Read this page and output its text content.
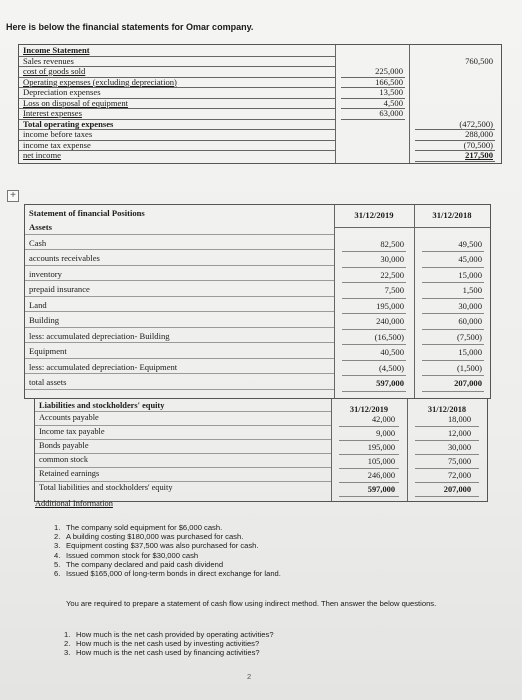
Here is below the financial statements for Omar company.
Income Statement
Sales revenues	760,500
cost of goods sold	225,000
Operating expenses (excluding depreciation)	166,500
Depreciation expenses	13,500
Loss on disposal of equipment	4,500
Interest expenses	63,000
Total operating expenses	(472,500)
income before taxes	288,000
income tax expense	(70,500)
net income	217,500
+
Statement of financial Positions	31/12/2019	31/12/2018
Assets
Cash	82,500	49,500
accounts receivables	30,000	45,000
inventory	22,500	15,000
prepaid insurance	7,500	1,500
Land	195,000	30,000
Building	240,000	60,000
less: accumulated depreciation- Building	(16,500)	(7,500)
Equipment	40,500	15,000
less: accumulated depreciation- Equipment	(4,500)	(1,500)
total assets	597,000	207,000
Liabilities and stockholders' equity	31/12/2019	31/12/2018
Accounts payable	42,000	18,000
Income tax payable	9,000	12,000
Bonds payable	195,000	30,000
common stock	105,000	75,000
Retained earnings	246,000	72,000
Total liabilities and stockholders' equity	597,000	207,000
Additional Information
1. The company sold equipment for $6,000 cash.
2. A building costing $180,000 was purchased for cash.
3. Equipment costing $37,500 was also purchased for cash.
4. Issued common stock for $30,000 cash
5. The company declared and paid cash dividend
6. Issued $165,000 of long-term bonds in direct exchange for land.
You are required to prepare a statement of cash flow using indirect method. Then answer the below questions.
1. How much is the net cash provided by operating activities?
2. How much is the net cash used by investing activities?
3. How much is the net cash used by financing activities?
2
